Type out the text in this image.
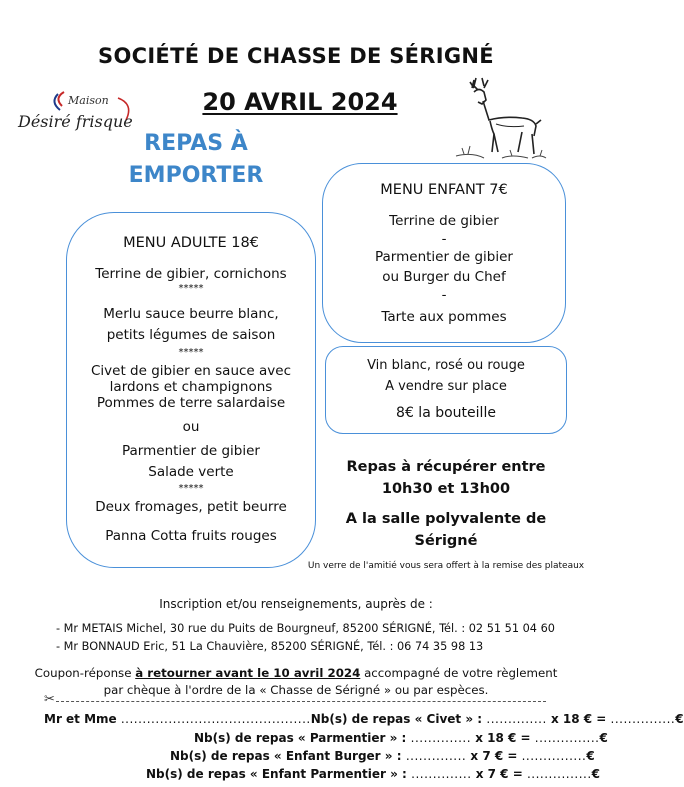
SOCIÉTÉ DE CHASSE DE SÉRIGNÉ
20 AVRIL 2024
Maison
Désiré frisque
REPAS À
EMPORTER
MENU ADULTE 18€
Terrine de gibier, cornichons
*****
Merlu sauce beurre blanc,
petits légumes de saison
*****
Civet de gibier en sauce avec
lardons et champignons
Pommes de terre salardaise
ou
Parmentier de gibier
Salade verte
*****
Deux fromages, petit beurre
Panna Cotta fruits rouges
MENU ENFANT 7€
Terrine de gibier
-
Parmentier de gibier
ou Burger du Chef
-
Tarte aux pommes
Vin blanc, rosé ou rouge
A vendre sur place
8€ la bouteille
Repas à récupérer entre
10h30 et 13h00
A la salle polyvalente de
Sérigné
Un verre de l'amitié vous sera offert à la remise des plateaux
Inscription et/ou renseignements, auprès de :
- Mr METAIS Michel, 30 rue du Puits de Bourgneuf, 85200 SÉRIGNÉ, Tél. : 02 51 51 04 60
- Mr BONNAUD Eric, 51 La Chauvière, 85200 SÉRIGNÉ, Tél. : 06 74 35 98 13
Coupon-réponse à retourner avant le 10 avril 2024 accompagné de votre règlement
par chèque à l'ordre de la « Chasse de Sérigné » ou par espèces.
✂
Mr et Mme ............................................Nb(s) de repas « Civet » : .............. x 18 € = ...............€
Nb(s) de repas « Parmentier » : .............. x 18 € = ...............€
Nb(s) de repas « Enfant Burger » : .............. x 7 € = ...............€
Nb(s) de repas « Enfant Parmentier » : .............. x 7 € = ...............€
